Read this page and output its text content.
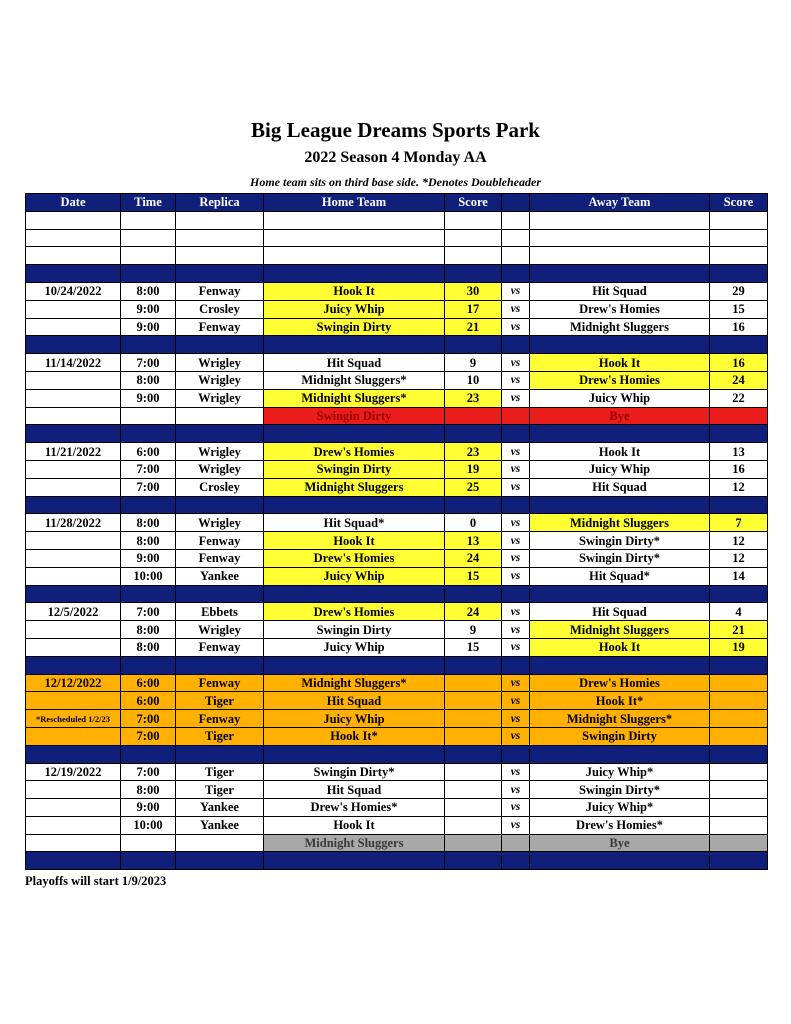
Big League Dreams Sports Park
2022 Season 4 Monday AA
Home team sits on third base side. *Denotes Doubleheader
Date	Time	Replica	Home Team	Score		Away Team	Score

10/24/2022	8:00	Fenway	Hook It	30	vs	Hit Squad	29
	9:00	Crosley	Juicy Whip	17	vs	Drew's Homies	15
	9:00	Fenway	Swingin Dirty	21	vs	Midnight Sluggers	16

11/14/2022	7:00	Wrigley	Hit Squad	9	vs	Hook It	16
	8:00	Wrigley	Midnight Sluggers*	10	vs	Drew's Homies	24
	9:00	Wrigley	Midnight Sluggers*	23	vs	Juicy Whip	22
			Swingin Dirty			Bye	

11/21/2022	6:00	Wrigley	Drew's Homies	23	vs	Hook It	13
	7:00	Wrigley	Swingin Dirty	19	vs	Juicy Whip	16
	7:00	Crosley	Midnight Sluggers	25	vs	Hit Squad	12

11/28/2022	8:00	Wrigley	Hit Squad*	0	vs	Midnight Sluggers	7
	8:00	Fenway	Hook It	13	vs	Swingin Dirty*	12
	9:00	Fenway	Drew's Homies	24	vs	Swingin Dirty*	12
	10:00	Yankee	Juicy Whip	15	vs	Hit Squad*	14

12/5/2022	7:00	Ebbets	Drew's Homies	24	vs	Hit Squad	4
	8:00	Wrigley	Swingin Dirty	9	vs	Midnight Sluggers	21
	8:00	Fenway	Juicy Whip	15	vs	Hook It	19

12/12/2022	6:00	Fenway	Midnight Sluggers*		vs	Drew's Homies	
	6:00	Tiger	Hit Squad		vs	Hook It*	
*Rescheduled 1/2/23	7:00	Fenway	Juicy Whip		vs	Midnight Sluggers*	
	7:00	Tiger	Hook It*		vs	Swingin Dirty	

12/19/2022	7:00	Tiger	Swingin Dirty*		vs	Juicy Whip*	
	8:00	Tiger	Hit Squad		vs	Swingin Dirty*	
	9:00	Yankee	Drew's Homies*		vs	Juicy Whip*	
	10:00	Yankee	Hook It		vs	Drew's Homies*	
			Midnight Sluggers			Bye	

Playoffs will start 1/9/2023
